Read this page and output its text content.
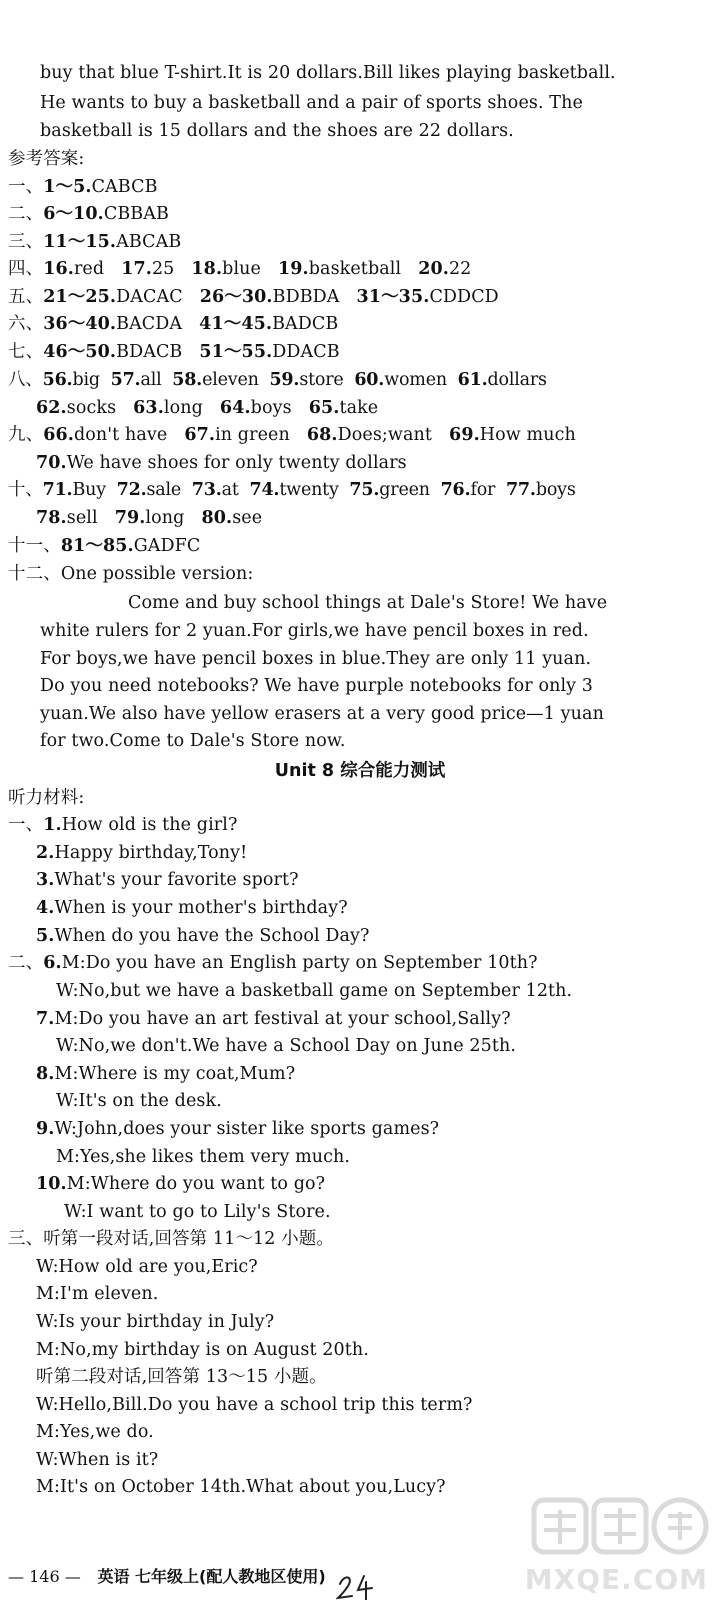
buy that blue T-shirt.It is 20 dollars.Bill likes playing basketball.
He wants to buy a basketball and a pair of sports shoes. The
basketball is 15 dollars and the shoes are 22 dollars.
参考答案:
一、1～5.CABCB
二、6～10.CBBAB
三、11～15.ABCAB
四、16.red 17.25 18.blue 19.basketball 20.22
五、21～25.DACAC 26～30.BDBDA 31～35.CDDCD
六、36～40.BACDA 41～45.BADCB
七、46～50.BDACB 51～55.DDACB
八、56.big 57.all 58.eleven 59.store 60.women 61.dollars
62.socks 63.long 64.boys 65.take
九、66.don't have 67.in green 68.Does;want 69.How much
70.We have shoes for only twenty dollars
十、71.Buy 72.sale 73.at 74.twenty 75.green 76.for 77.boys
78.sell 79.long 80.see
十一、81～85.GADFC
十二、One possible version:
Come and buy school things at Dale's Store! We have
white rulers for 2 yuan.For girls,we have pencil boxes in red.
For boys,we have pencil boxes in blue.They are only 11 yuan.
Do you need notebooks? We have purple notebooks for only 3
yuan.We also have yellow erasers at a very good price—1 yuan
for two.Come to Dale's Store now.
Unit 8 综合能力测试
听力材料:
一、1.How old is the girl?
2.Happy birthday,Tony!
3.What's your favorite sport?
4.When is your mother's birthday?
5.When do you have the School Day?
二、6.M:Do you have an English party on September 10th?
W:No,but we have a basketball game on September 12th.
7.M:Do you have an art festival at your school,Sally?
W:No,we don't.We have a School Day on June 25th.
8.M:Where is my coat,Mum?
W:It's on the desk.
9.W:John,does your sister like sports games?
M:Yes,she likes them very much.
10.M:Where do you want to go?
W:I want to go to Lily's Store.
三、听第一段对话,回答第 11～12 小题。
W:How old are you,Eric?
M:I'm eleven.
W:Is your birthday in July?
M:No,my birthday is on August 20th.
听第二段对话,回答第 13～15 小题。
W:Hello,Bill.Do you have a school trip this term?
M:Yes,we do.
W:When is it?
M:It's on October 14th.What about you,Lucy?
— 146 — 英语 七年级上(配人教地区使用)	MXQE.COM
